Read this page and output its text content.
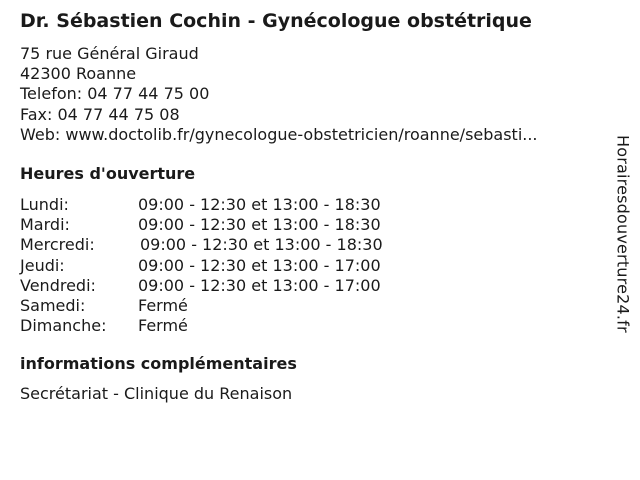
Dr. Sébastien Cochin - Gynécologue obstétrique
75 rue Général Giraud
42300 Roanne
Telefon: 04 77 44 75 00
Fax: 04 77 44 75 08
Web: www.doctolib.fr/gynecologue-obstetricien/roanne/sebasti...
Heures d'ouverture
Lundi:	09:00 - 12:30 et 13:00 - 18:30
Mardi:	09:00 - 12:30 et 13:00 - 18:30
Mercredi:	09:00 - 12:30 et 13:00 - 18:30
Jeudi:	09:00 - 12:30 et 13:00 - 17:00
Vendredi:	09:00 - 12:30 et 13:00 - 17:00
Samedi:	Fermé
Dimanche: Fermé
informations complémentaires
Secrétariat - Clinique du Renaison
Horairesdouverture24.fr
